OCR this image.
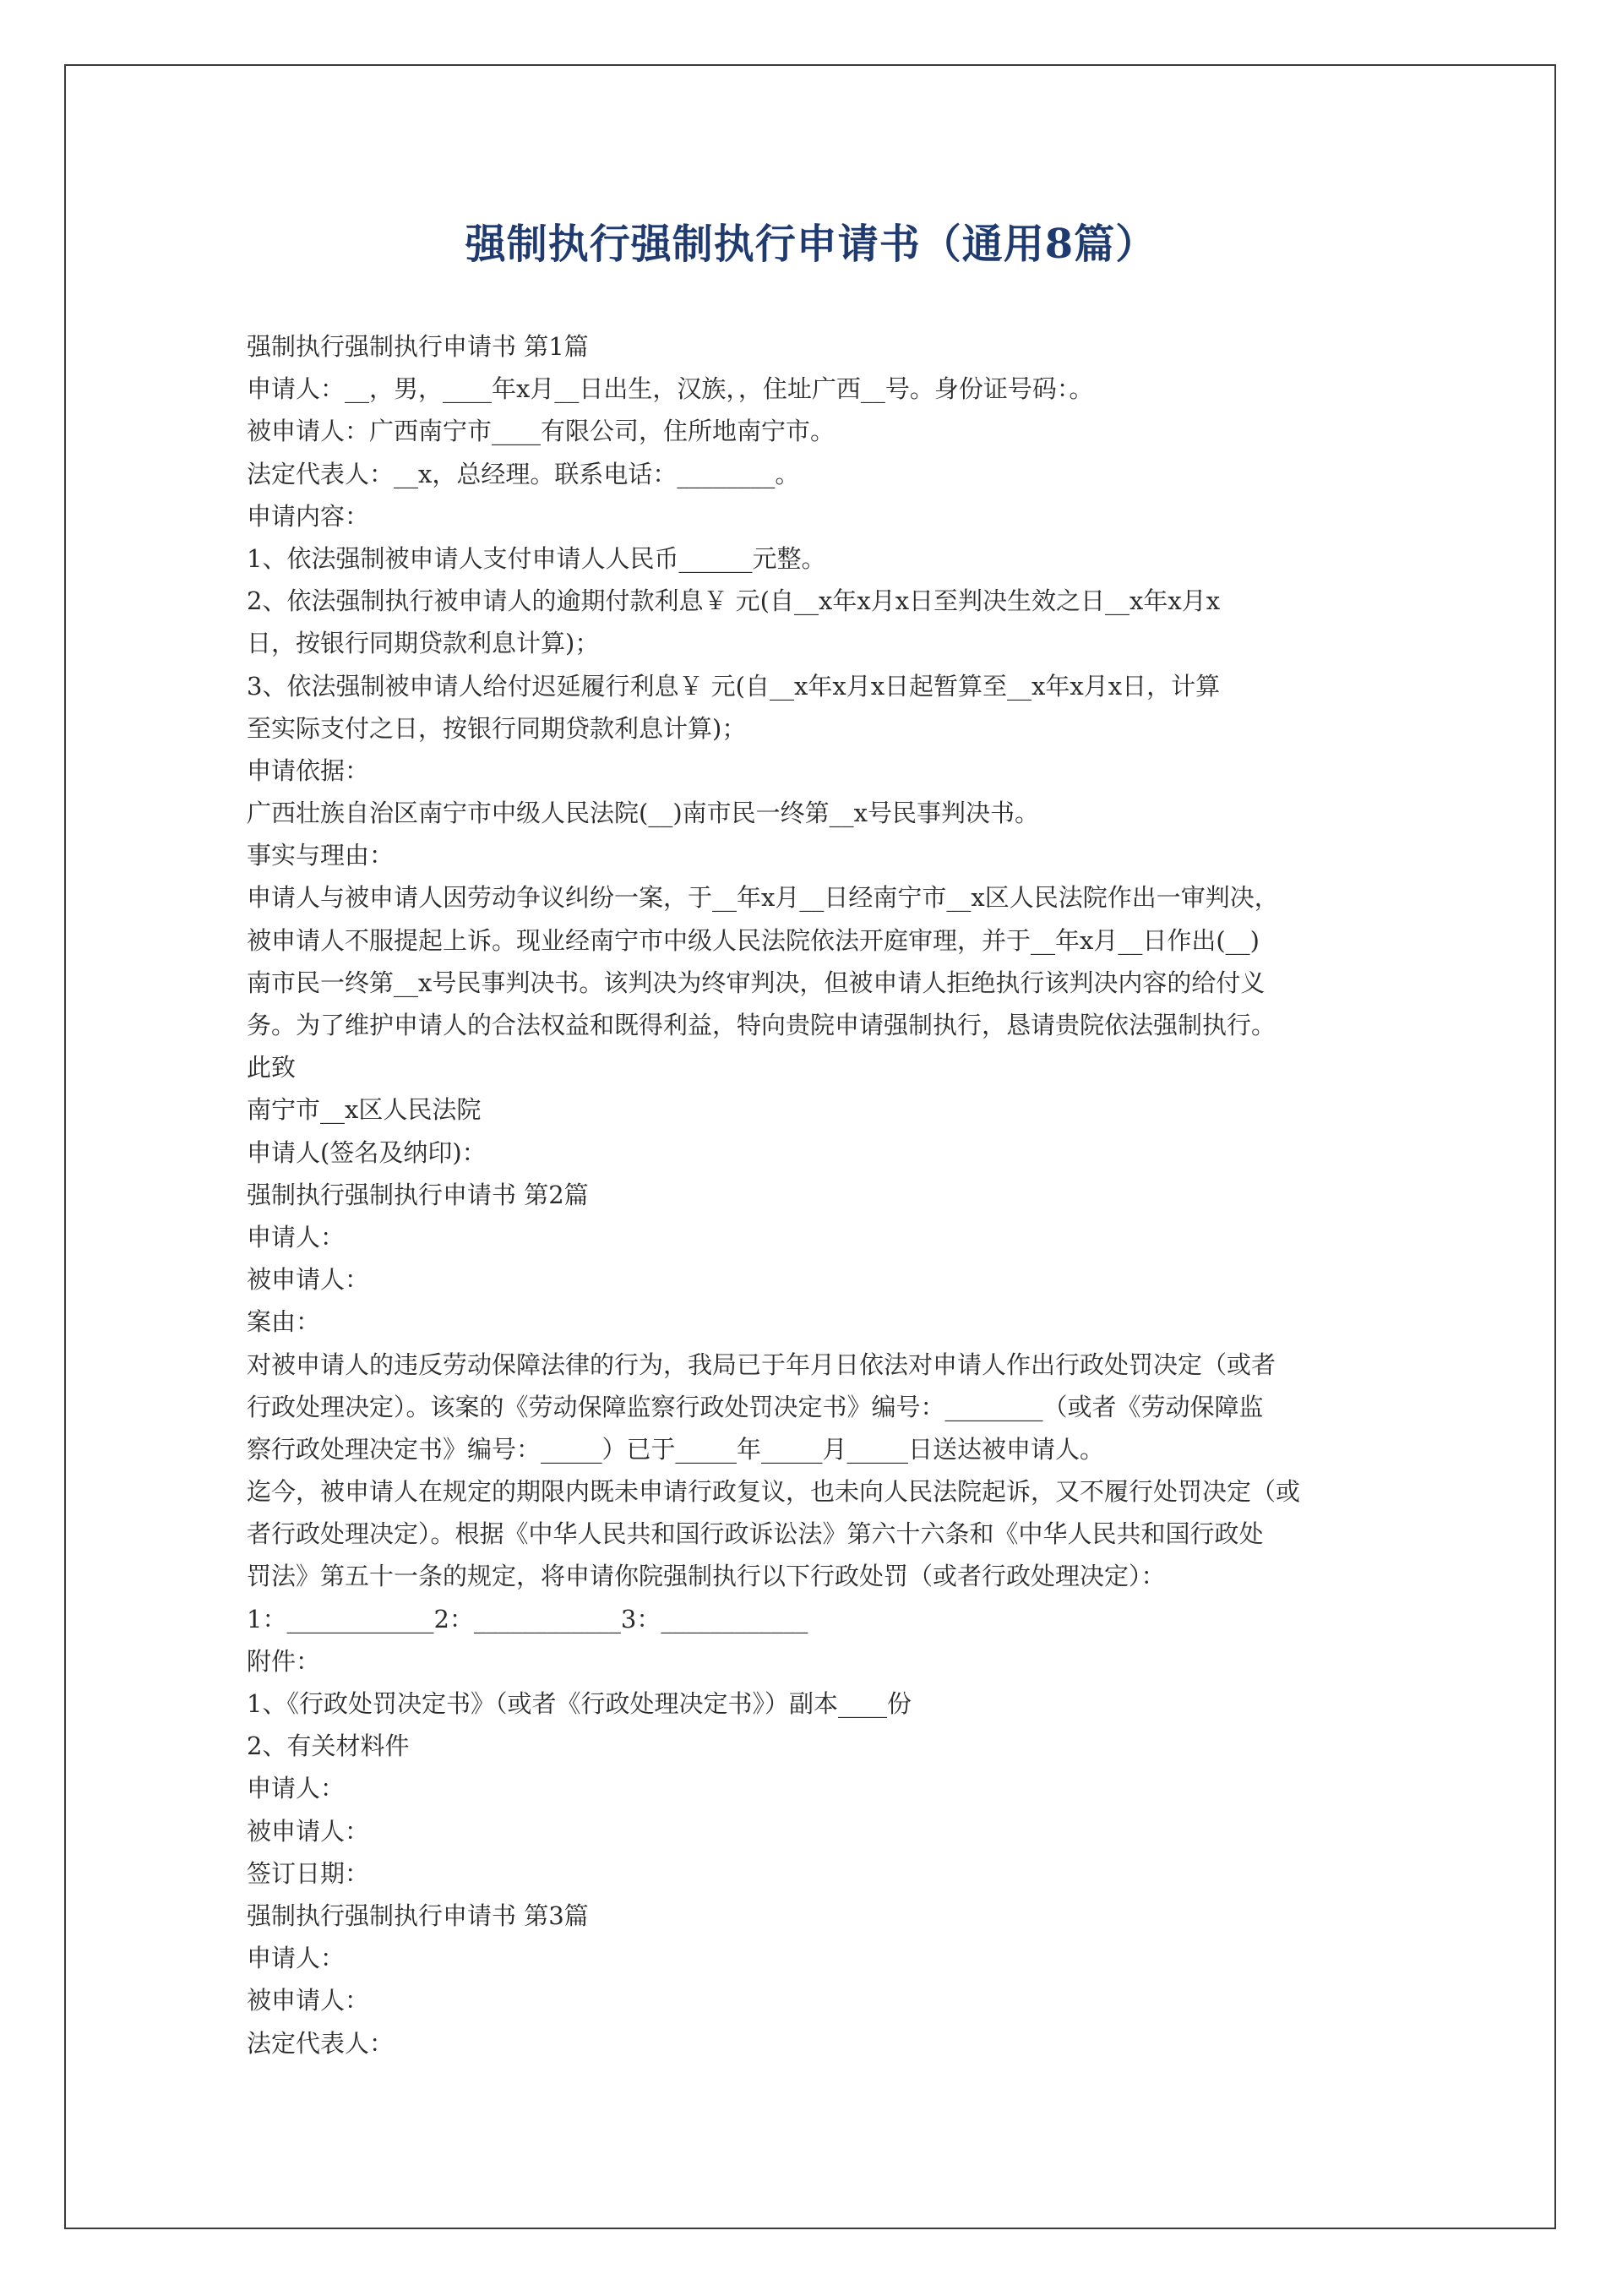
强制执行强制执行申请书（通用8篇）
强制执行强制执行申请书 第1篇
申请人：__，男，____年x月__日出生，汉族，，住址广西__号。身份证号码：。
被申请人：广西南宁市____有限公司，住所地南宁市。
法定代表人：__x，总经理。联系电话：________。
申请内容：
1、依法强制被申请人支付申请人人民币______元整。
2、依法强制执行被申请人的逾期付款利息￥ 元(自__x年x月x日至判决生效之日__x年x月x
日，按银行同期贷款利息计算)；
3、依法强制被申请人给付迟延履行利息￥ 元(自__x年x月x日起暂算至__x年x月x日，计算
至实际支付之日，按银行同期贷款利息计算)；
申请依据：
广西壮族自治区南宁市中级人民法院(__)南市民一终第__x号民事判决书。
事实与理由：
申请人与被申请人因劳动争议纠纷一案，于__年x月__日经南宁市__x区人民法院作出一审判决，
被申请人不服提起上诉。现业经南宁市中级人民法院依法开庭审理，并于__年x月__日作出(__)
南市民一终第__x号民事判决书。该判决为终审判决，但被申请人拒绝执行该判决内容的给付义
务。为了维护申请人的合法权益和既得利益，特向贵院申请强制执行，恳请贵院依法强制执行。
此致
南宁市__x区人民法院
申请人(签名及纳印)：
强制执行强制执行申请书 第2篇
申请人：
被申请人：
案由：
对被申请人的违反劳动保障法律的行为，我局已于年月日依法对申请人作出行政处罚决定（或者
行政处理决定）。该案的《劳动保障监察行政处罚决定书》编号：________（或者《劳动保障监
察行政处理决定书》编号：_____）已于_____年_____月_____日送达被申请人。
迄今，被申请人在规定的期限内既未申请行政复议，也未向人民法院起诉，又不履行处罚决定（或
者行政处理决定）。根据《中华人民共和国行政诉讼法》第六十六条和《中华人民共和国行政处
罚法》第五十一条的规定，将申请你院强制执行以下行政处罚（或者行政处理决定）：
1：____________2：____________3：____________
附件：
1、《行政处罚决定书》（或者《行政处理决定书》）副本____份
2、有关材料件
申请人：
被申请人：
签订日期：
强制执行强制执行申请书 第3篇
申请人：
被申请人：
法定代表人：
